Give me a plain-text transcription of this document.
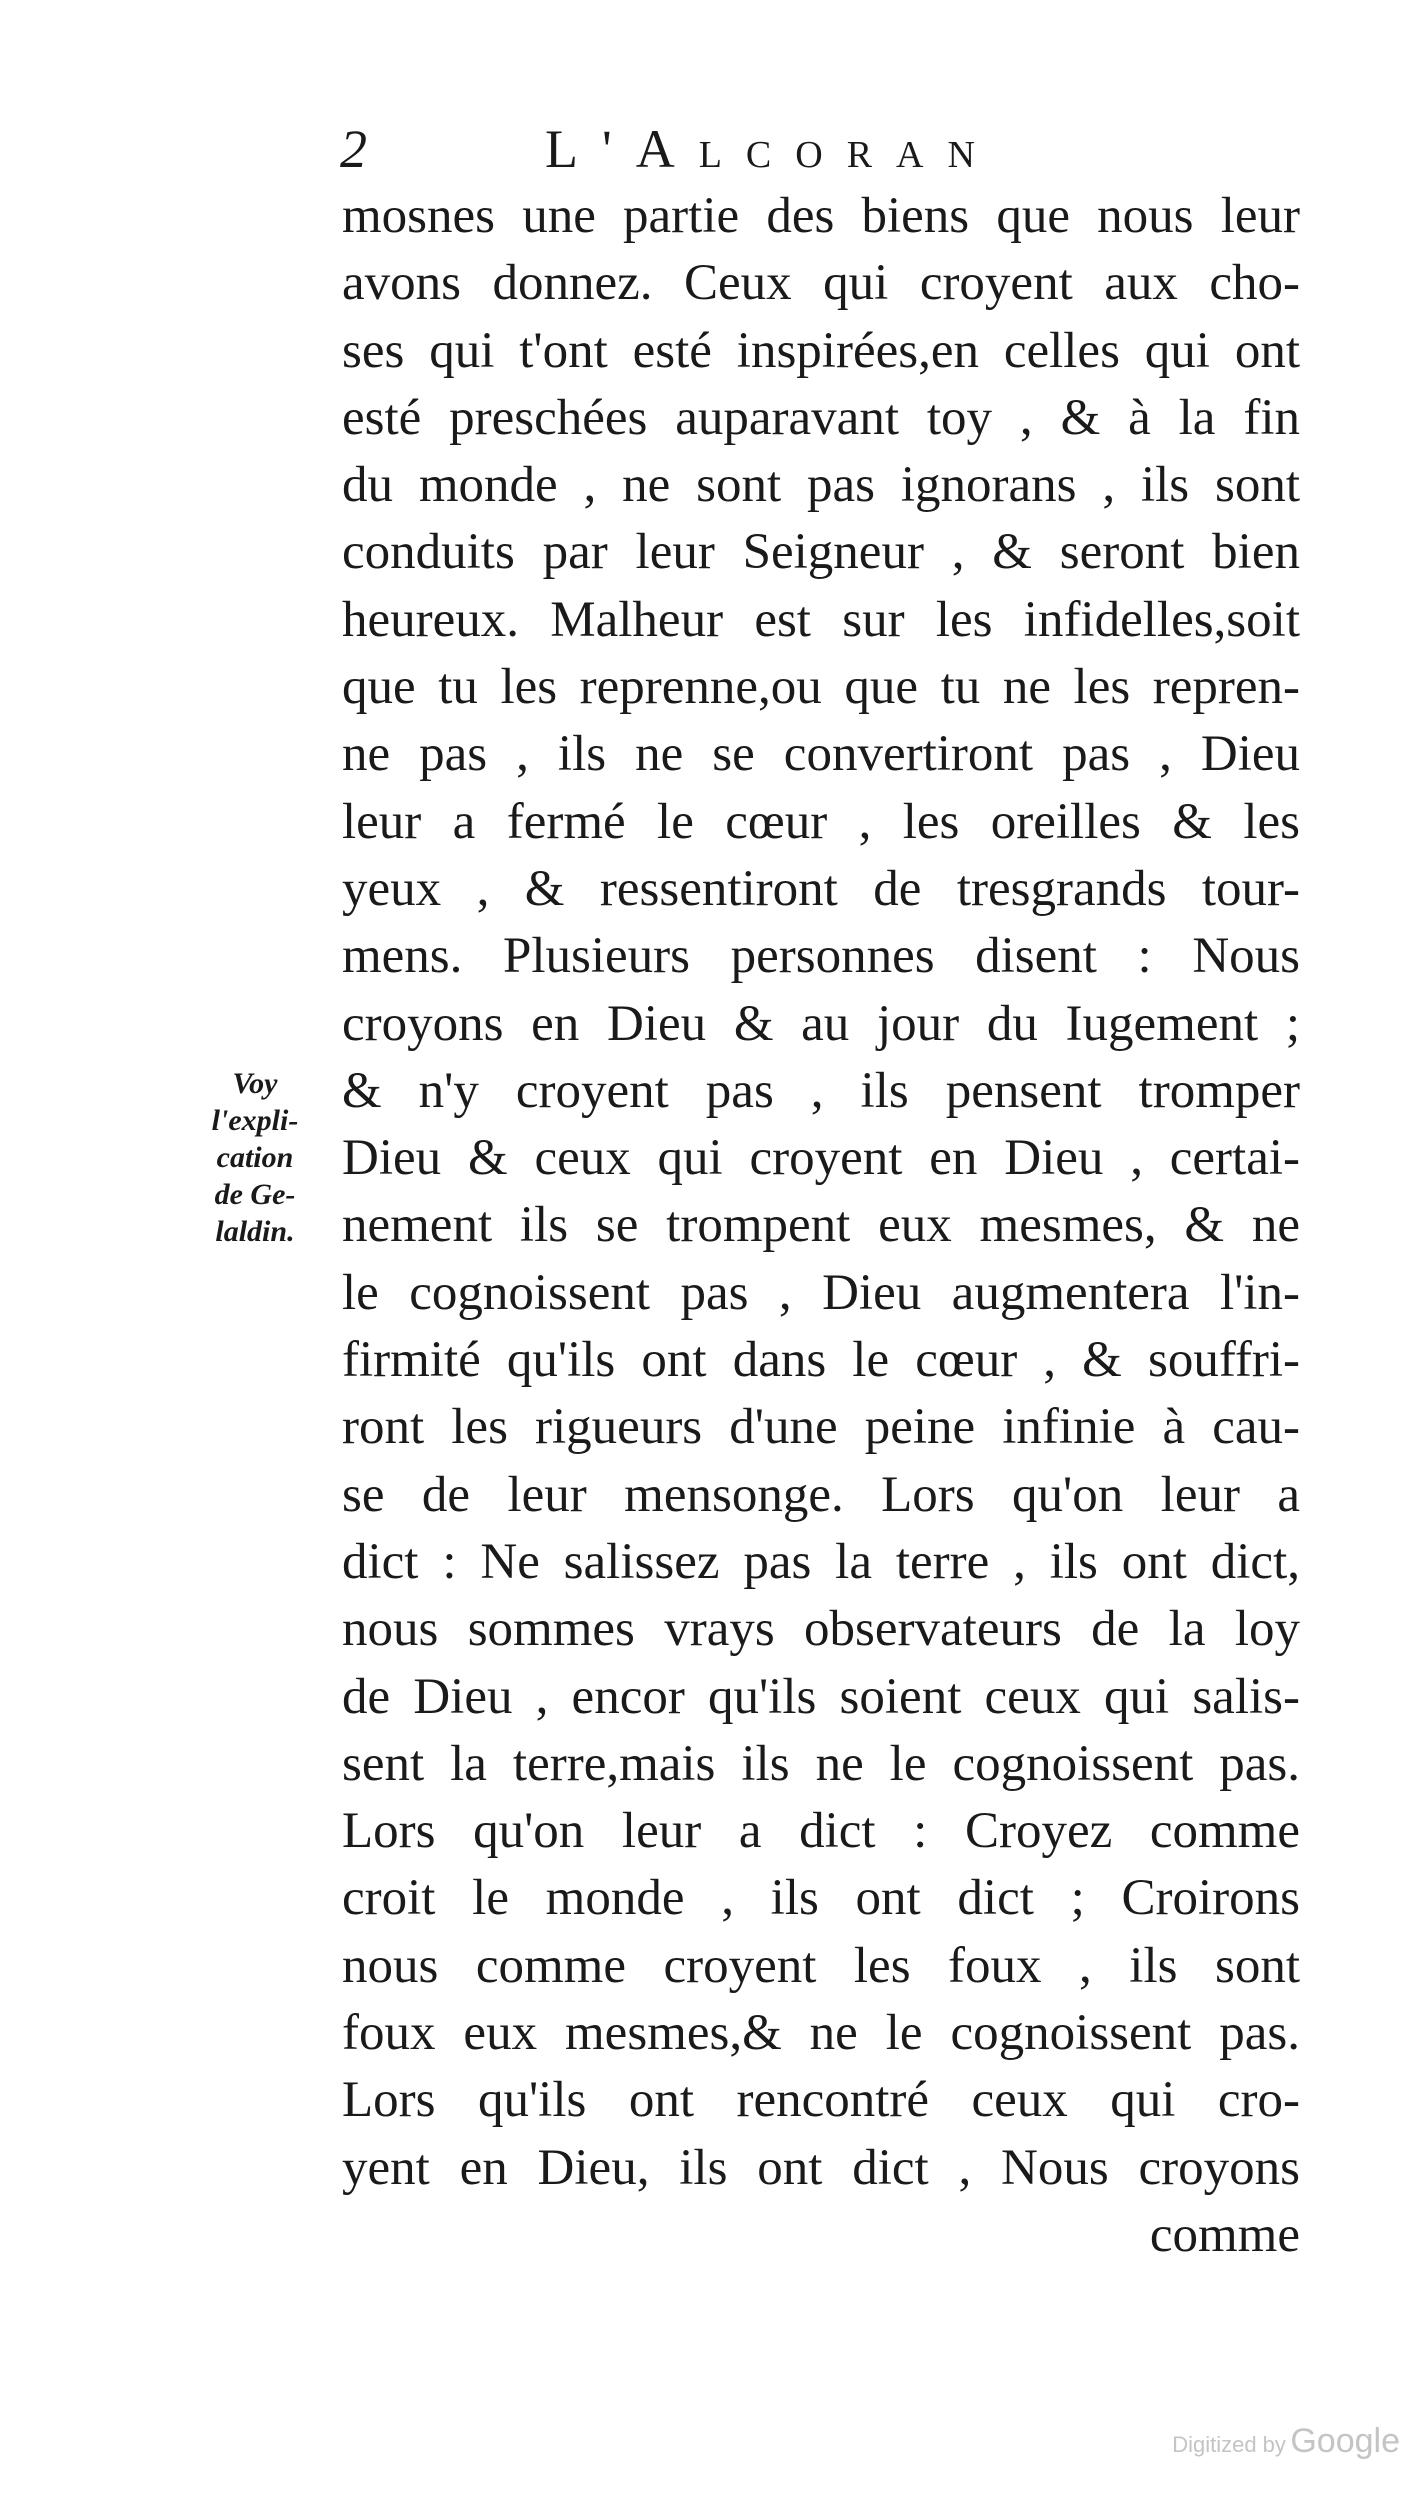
2	L'Alcoran
Voy
l'expli-
cation
de Ge-
laldin.
mosnes une partie des biens que nous leur
avons donnez. Ceux qui croyent aux cho-
ses qui t'ont esté inspirées,en celles qui ont
esté preschées auparavant toy , & à la fin
du monde , ne sont pas ignorans , ils sont
conduits par leur Seigneur , & seront bien
heureux. Malheur est sur les infidelles,soit
que tu les reprenne,ou que tu ne les repren-
ne pas , ils ne se convertiront pas , Dieu
leur a fermé le cœur , les oreilles & les
yeux , & ressentiront de tresgrands tour-
mens. Plusieurs personnes disent : Nous
croyons en Dieu & au jour du Iugement ;
& n'y croyent pas , ils pensent tromper
Dieu & ceux qui croyent en Dieu , certai-
nement ils se trompent eux mesmes, & ne
le cognoissent pas , Dieu augmentera l'in-
firmité qu'ils ont dans le cœur , & souffri-
ront les rigueurs d'une peine infinie à cau-
se de leur mensonge. Lors qu'on leur a
dict : Ne salissez pas la terre , ils ont dict,
nous sommes vrays observateurs de la loy
de Dieu , encor qu'ils soient ceux qui salis-
sent la terre,mais ils ne le cognoissent pas.
Lors qu'on leur a dict : Croyez comme
croit le monde , ils ont dict ; Croirons
nous comme croyent les foux , ils sont
foux eux mesmes,& ne le cognoissent pas.
Lors qu'ils ont rencontré ceux qui cro-
yent en Dieu, ils ont dict , Nous croyons
comme
Digitized by Google
